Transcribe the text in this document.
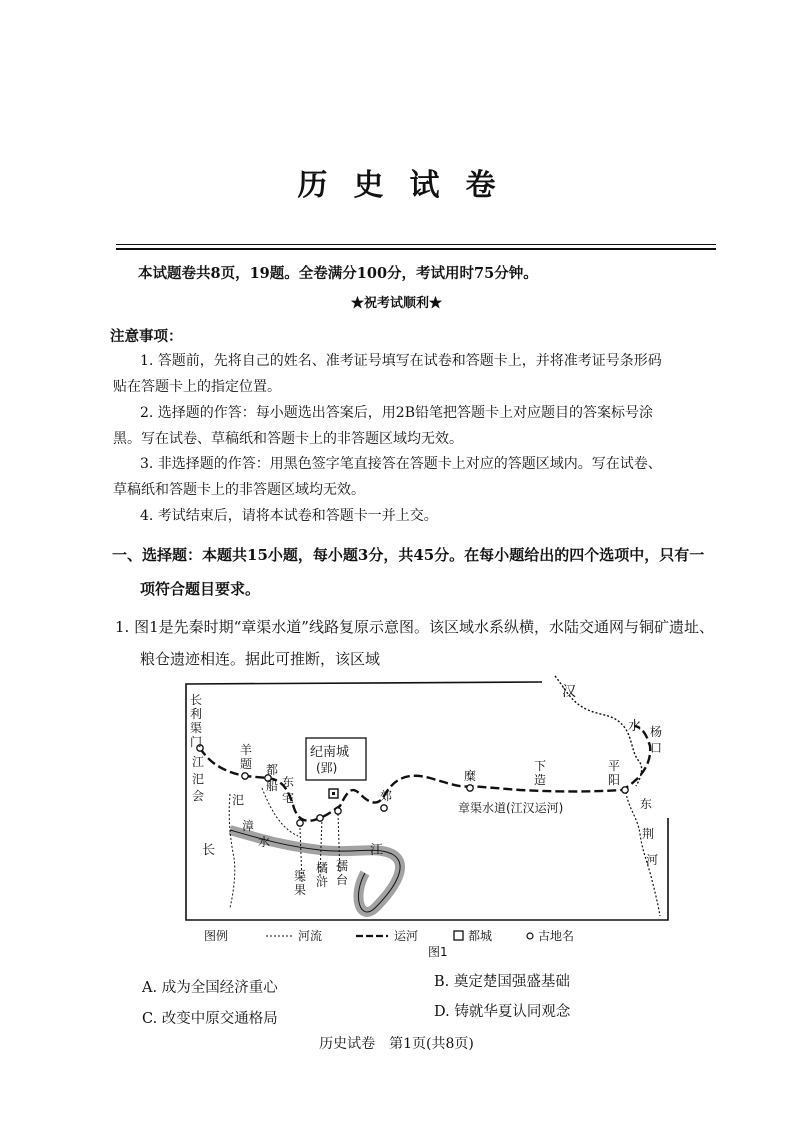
历史试卷
本试题卷共8页，19题。全卷满分100分，考试用时75分钟。
★祝考试顺利★
注意事项：
1. 答题前，先将自己的姓名、准考证号填写在试卷和答题卡上，并将准考证号条形码
贴在答题卡上的指定位置。
2. 选择题的作答：每小题选出答案后，用2B铅笔把答题卡上对应题目的答案标号涂
黑。写在试卷、草稿纸和答题卡上的非答题区域均无效。
3. 非选择题的作答：用黑色签字笔直接答在答题卡上对应的答题区域内。写在试卷、
草稿纸和答题卡上的非答题区域均无效。
4. 考试结束后，请将本试卷和答题卡一并上交。
一、选择题：本题共15小题，每小题3分，共45分。在每小题给出的四个选项中，只有一
项符合题目要求。
1. 图1是先秦时期“章渠水道”线路复原示意图。该区域水系纵横，水陆交通网与铜矿遗址、
粮仓遗迹相连。据此可推断，该区域
长
利
渠
门
江
汜
会
羊
题 都
船 东
宅
汜
漳
水
纪南城
(郢)
郊
长	江
渠
果
橘
浒
孺
台
糜
下
造
平
阳
汉
水 杨
口
东
荆
河
章渠水道(江汉运河)
图例	河流	运河	都城	古地名
图1
A. 成为全国经济重心	B. 奠定楚国强盛基础
C. 改变中原交通格局	D. 铸就华夏认同观念
历史试卷　第1页(共8页)
